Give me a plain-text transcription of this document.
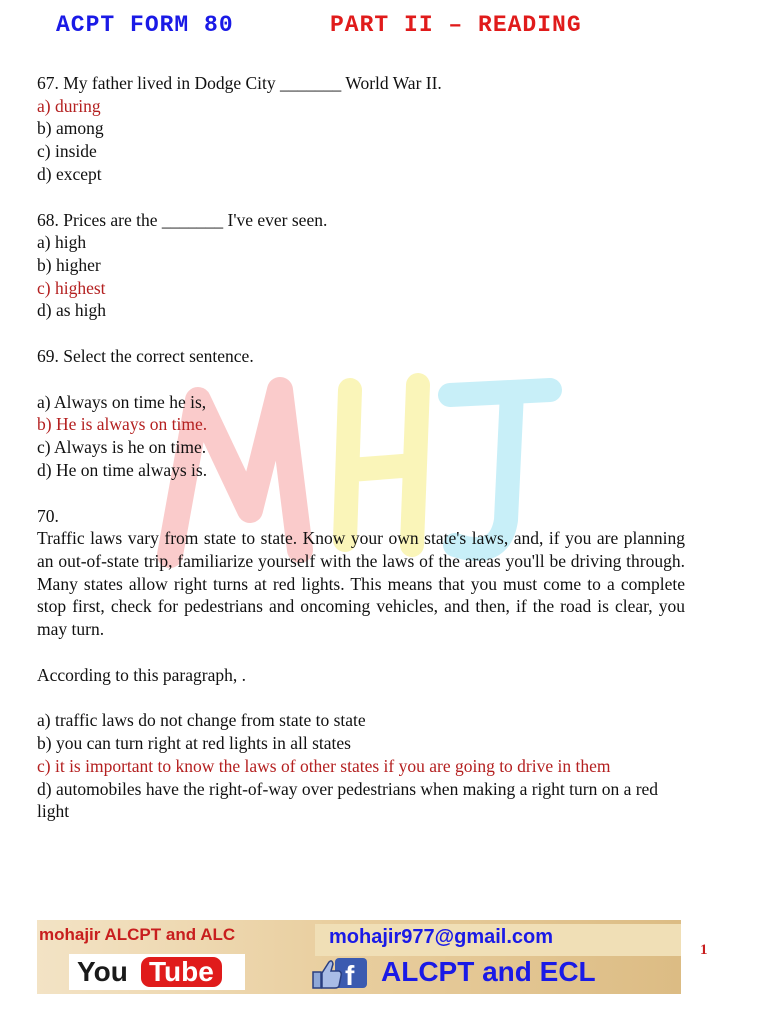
ACPT FORM 80	PART II – READING
67. My father lived in Dodge City _______ World War II.
a) during
b) among
c) inside
d) except
68. Prices are the _______ I've ever seen.
a) high
b) higher
c) highest
d) as high
69. Select the correct sentence.
a) Always on time he is,
b) He is always on time.
c) Always is he on time.
d) He on time always is.
70.
Traffic laws vary from state to state. Know your own state's laws, and, if you are planning an out-of-state trip, familiarize yourself with the laws of the areas you'll be driving through. Many states allow right turns at red lights. This means that you must come to a complete stop first, check for pedestrians and oncoming vehicles, and then, if the road is clear, you may turn.
According to this paragraph, .
a) traffic laws do not change from state to state
b) you can turn right at red lights in all states
c) it is important to know the laws of other states if you are going to drive in them
d) automobiles have the right-of-way over pedestrians when making a right turn on a red light
mohajir ALCPT and ALC	mohajir977@gmail.com
You Tube	f ALCPT and ECL
1
